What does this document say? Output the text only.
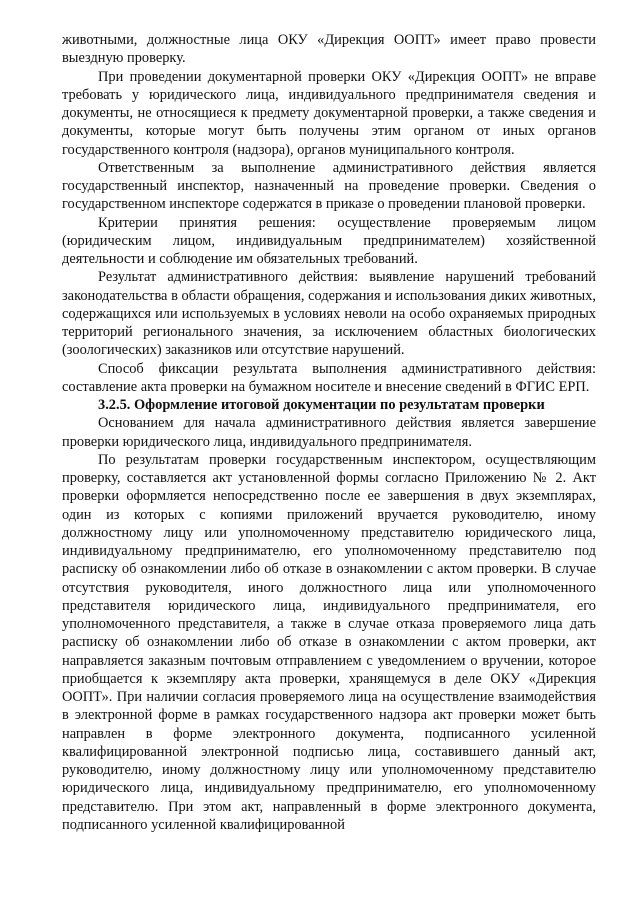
животными, должностные лица ОКУ «Дирекция ООПТ» имеет право провести выездную проверку.

При проведении документарной проверки ОКУ «Дирекция ООПТ» не вправе требовать у юридического лица, индивидуального предпринимателя сведения и документы, не относящиеся к предмету документарной проверки, а также сведения и документы, которые могут быть получены этим органом от иных органов государственного контроля (надзора), органов муниципального контроля.

Ответственным за выполнение административного действия является государственный инспектор, назначенный на проведение проверки. Сведения о государственном инспекторе содержатся в приказе о проведении плановой проверки.

Критерии принятия решения: осуществление проверяемым лицом (юридическим лицом, индивидуальным предпринимателем) хозяйственной деятельности и соблюдение им обязательных требований.

Результат административного действия: выявление нарушений требований законодательства в области обращения, содержания и использования диких животных, содержащихся или используемых в условиях неволи на особо охраняемых природных территорий регионального значения, за исключением областных биологических (зоологических) заказников или отсутствие нарушений.

Способ фиксации результата выполнения административного действия: составление акта проверки на бумажном носителе и внесение сведений в ФГИС ЕРП.

3.2.5. Оформление итоговой документации по результатам проверки

Основанием для начала административного действия является завершение проверки юридического лица, индивидуального предпринимателя.

По результатам проверки государственным инспектором, осуществляющим проверку, составляется акт установленной формы согласно Приложению № 2. Акт проверки оформляется непосредственно после ее завершения в двух экземплярах, один из которых с копиями приложений вручается руководителю, иному должностному лицу или уполномоченному представителю юридического лица, индивидуальному предпринимателю, его уполномоченному представителю под расписку об ознакомлении либо об отказе в ознакомлении с актом проверки. В случае отсутствия руководителя, иного должностного лица или уполномоченного представителя юридического лица, индивидуального предпринимателя, его уполномоченного представителя, а также в случае отказа проверяемого лица дать расписку об ознакомлении либо об отказе в ознакомлении с актом проверки, акт направляется заказным почтовым отправлением с уведомлением о вручении, которое приобщается к экземпляру акта проверки, хранящемуся в деле ОКУ «Дирекция ООПТ». При наличии согласия проверяемого лица на осуществление взаимодействия в электронной форме в рамках государственного надзора акт проверки может быть направлен в форме электронного документа, подписанного усиленной квалифицированной электронной подписью лица, составившего данный акт, руководителю, иному должностному лицу или уполномоченному представителю юридического лица, индивидуальному предпринимателю, его уполномоченному представителю. При этом акт, направленный в форме электронного документа, подписанного усиленной квалифицированной
